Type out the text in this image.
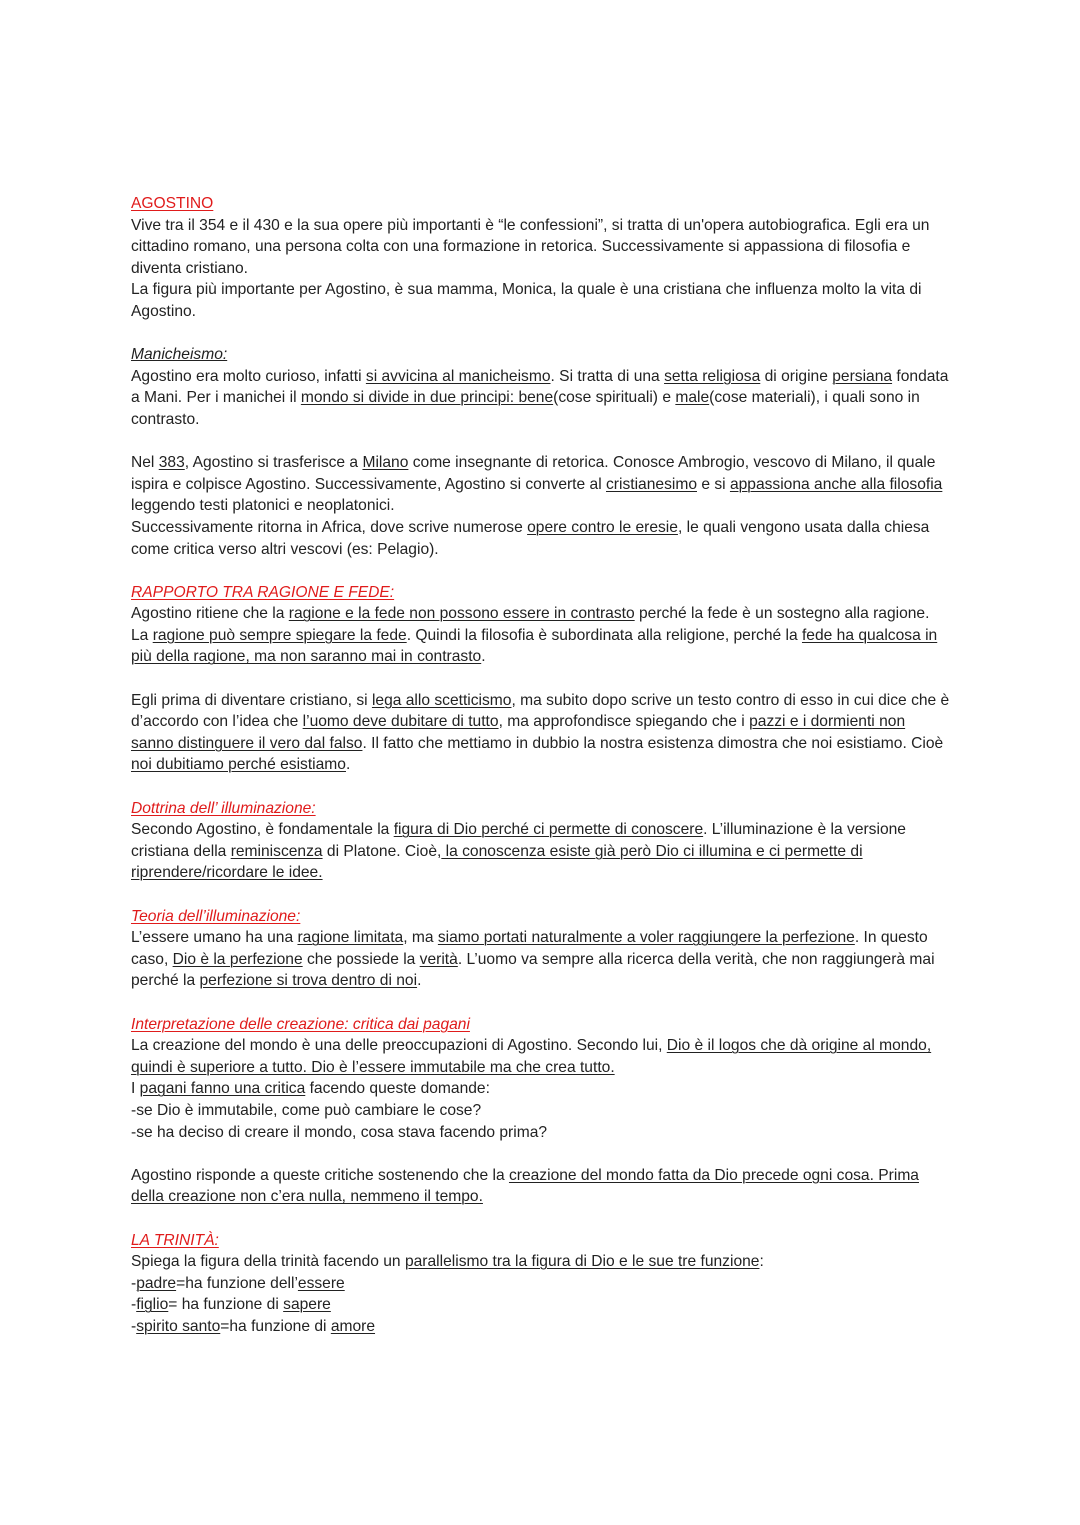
AGOSTINO

Vive tra il 354 e il 430 e la sua opere più importanti è “le confessioni”, si tratta di un'opera autobiografica. Egli era un cittadino romano, una persona colta con una formazione in retorica. Successivamente si appassiona di filosofia e diventa cristiano.

La figura più importante per Agostino, è sua mamma, Monica, la quale è una cristiana che influenza molto la vita di Agostino.

Manicheismo:

Agostino era molto curioso, infatti si avvicina al manicheismo. Si tratta di una setta religiosa di origine persiana fondata a Mani. Per i manichei il mondo si divide in due principi: bene(cose spirituali) e male(cose materiali), i quali sono in contrasto.

Nel 383, Agostino si trasferisce a Milano come insegnante di retorica. Conosce Ambrogio, vescovo di Milano, il quale ispira e colpisce Agostino. Successivamente, Agostino si converte al cristianesimo e si appassiona anche alla filosofia leggendo testi platonici e neoplatonici.

Successivamente ritorna in Africa, dove scrive numerose opere contro le eresie, le quali vengono usata dalla chiesa come critica verso altri vescovi (es: Pelagio).

RAPPORTO TRA RAGIONE E FEDE:

Agostino ritiene che la ragione e la fede non possono essere in contrasto perché la fede è un sostegno alla ragione. La ragione può sempre spiegare la fede. Quindi la filosofia è subordinata alla religione, perché la fede ha qualcosa in più della ragione, ma non saranno mai in contrasto.

Egli prima di diventare cristiano, si lega allo scetticismo, ma subito dopo scrive un testo contro di esso in cui dice che è d’accordo con l’idea che l’uomo deve dubitare di tutto, ma approfondisce spiegando che i pazzi e i dormienti non sanno distinguere il vero dal falso. Il fatto che mettiamo in dubbio la nostra esistenza dimostra che noi esistiamo. Cioè noi dubitiamo perché esistiamo.

Dottrina dell’ illuminazione:

Secondo Agostino, è fondamentale la figura di Dio perché ci permette di conoscere. L’illuminazione è la versione cristiana della reminiscenza di Platone. Cioè, la conoscenza esiste già però Dio ci illumina e ci permette di riprendere/ricordare le idee.

Teoria dell’illuminazione:

L’essere umano ha una ragione limitata, ma siamo portati naturalmente a voler raggiungere la perfezione. In questo caso, Dio è la perfezione che possiede la verità. L’uomo va sempre alla ricerca della verità, che non raggiungerà mai perché la perfezione si trova dentro di noi.

Interpretazione delle creazione: critica dai pagani

La creazione del mondo è una delle preoccupazioni di Agostino. Secondo lui, Dio è il logos che dà origine al mondo, quindi è superiore a tutto. Dio è l’essere immutabile ma che crea tutto.

I pagani fanno una critica facendo queste domande:

-se Dio è immutabile, come può cambiare le cose?

-se ha deciso di creare il mondo, cosa stava facendo prima?

Agostino risponde a queste critiche sostenendo che la creazione del mondo fatta da Dio precede ogni cosa. Prima della creazione non c’era nulla, nemmeno il tempo.

LA TRINITÀ:

Spiega la figura della trinità facendo un parallelismo tra la figura di Dio e le sue tre funzione:

-padre=ha funzione dell’essere

-figlio= ha funzione di sapere

-spirito santo=ha funzione di amore
